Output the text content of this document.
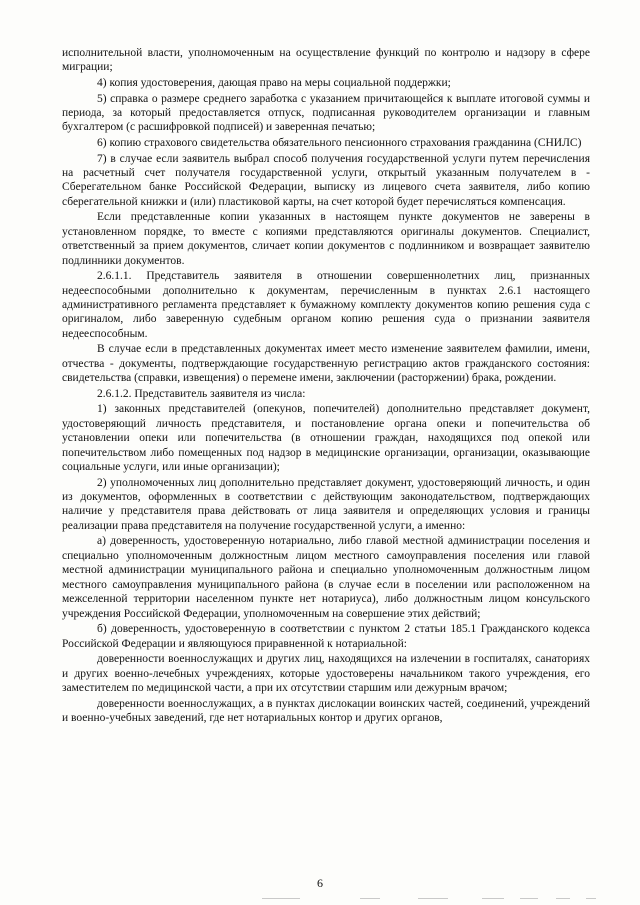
исполнительной власти, уполномоченным на осуществление функций по контролю и надзору в сфере миграции;

4) копия удостоверения, дающая право на меры социальной поддержки;

5) справка о размере среднего заработка с указанием причитающейся к выплате итоговой суммы и периода, за который предоставляется отпуск, подписанная руководителем организации и главным бухгалтером (с расшифровкой подписей) и заверенная печатью;

6) копию страхового свидетельства обязательного пенсионного страхования гражданина (СНИЛС)

7) в случае если заявитель выбрал способ получения государственной услуги путем перечисления на расчетный счет получателя государственной услуги, открытый указанным получателем в - Сбeрегательном банке Российской Федерации, выписку из лицевого счета заявителя, либо копию сберегательной книжки и (или) пластиковой карты, на счет которой будет перечисляться компенсация.

Если представленные копии указанных в настоящем пункте документов не заверены в установленном порядке, то вместе с копиями представляются оригиналы документов. Специалист, ответственный за прием документов, сличает копии документов с подлинником и возвращает заявителю подлинники документов.

2.6.1.1. Представитель заявителя в отношении совершеннолетних лиц, признанных недееспособными дополнительно к документам, перечисленным в пунктах 2.6.1 настоящего административного регламента представляет к бумажному комплекту документов копию решения суда с оригиналом, либо заверенную судебным органом копию решения суда о признании заявителя недееспособным.

В случае если в представленных документах имеет место изменение заявителем фамилии, имени, отчества - документы, подтверждающие государственную регистрацию актов гражданского состояния: свидетельства (справки, извещения) о перемене имени, заключении (расторжении) брака, рождении.

2.6.1.2. Представитель заявителя из числа:

1) законных представителей (опекунов, попечителей) дополнительно представляет документ, удостоверяющий личность представителя, и постановление органа опеки и попечительства об установлении опеки или попечительства (в отношении граждан, находящихся под опекой или попечительством либо помещенных под надзор в медицинские организации, организации, оказывающие социальные услуги, или иные организации);

2) уполномоченных лиц дополнительно представляет документ, удостоверяющий личность, и один из документов, оформленных в соответствии с действующим законодательством, подтверждающих наличие у представителя права действовать от лица заявителя и определяющих условия и границы реализации права представителя на получение государственной услуги, а именно:

а) доверенность, удостоверенную нотариально, либо главой местной администрации поселения и специально уполномоченным должностным лицом местного самоуправления поселения или главой местной администрации муниципального района и специально уполномоченным должностным лицом местного самоуправления муниципального района (в случае если в поселении или расположенном на межселенной территории населенном пункте нет нотариуса), либо должностным лицом консульского учреждения Российской Федерации, уполномоченным на совершение этих действий;

б) доверенность, удостоверенную в соответствии с пунктом 2 статьи 185.1 Гражданского кодекса Российской Федерации и являющуюся приравненной к нотариальной:

доверенности военнослужащих и других лиц, находящихся на излечении в госпиталях, санаториях и других военно-лечебных учреждениях, которые удостоверены начальником такого учреждения, его заместителем по медицинской части, а при их отсутствии старшим или дежурным врачом;

доверенности военнослужащих, а в пунктах дислокации воинских частей, соединений, учреждений и военно-учебных заведений, где нет нотариальных контор и других органов,

6
